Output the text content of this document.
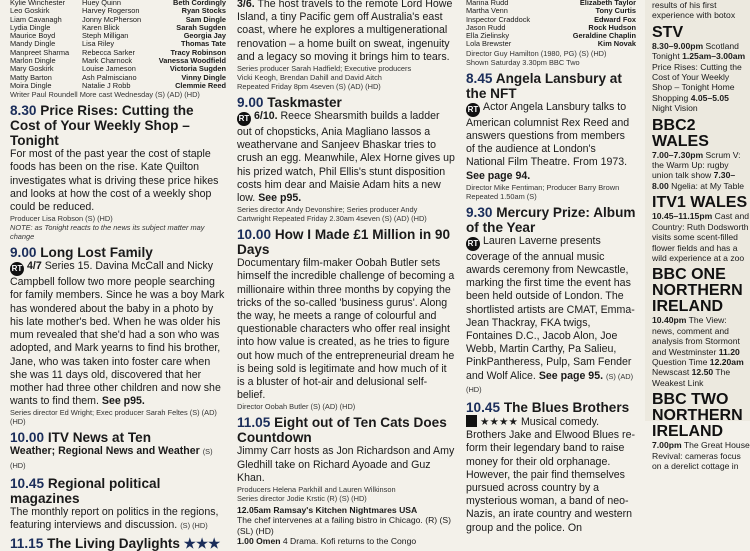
Kylie Winchester	Huey Quinn	Beth Cordingly
Leo Goskirk	Harvey Rogerson	Ryan Stocks
Liam Cavanagh	Jonny McPherson	Sam Dingle
Lydia Dingle	Karen Blick	Sarah Sugden
Maurice Boyd	Steph Milligan	Georgia Jay
Mandy Dingle	Lisa Riley	Thomas Tate
Manpreet Sharma	Rebecca Sarker	Tracy Robinson
Marlon Dingle	Mark Charnock	Vanessa Woodfield
Mary Goskirk	Louise Jameson	Victoria Sugden
Matty Barton	Ash Palmisciano	Vinny Dingle
Moira Dingle	Natalie J Robb	Clemmie Reed
Writer Paul Roundell More cast Wednesday (S) (AD) (HD)
8.30 Price Rises: Cutting the Cost of Your Weekly Shop – Tonight
For most of the past year the cost of staple foods has been on the rise. Kate Quilton investigates what is driving these price hikes and looks at how the cost of a weekly shop could be reduced.
Producer Lisa Robson (S) (HD)
NOTE: as Tonight reacts to the news its subject matter may change
9.00 Long Lost Family
RT 4/7 Series 15. Davina McCall and Nicky Campbell follow two more people searching for family members. Since he was a boy Mark has wondered about the baby in a photo by his late mother's bed. When he was older his mum revealed that she'd had a son who was adopted, and Mark yearns to find his brother, Jane, who was taken into foster care when she was 11 days old, discovered that her mother had three other children and now she wants to find them. See p95.
Series director Ed Wright; Exec producer Sarah Feltes (S) (AD) (HD)
10.00 ITV News at Ten
Weather; Regional News and Weather (S) (HD)
10.45 Regional political magazines
The monthly report on politics in the regions, featuring interviews and discussion. (S) (HD)
11.15 The Living Daylights ★★★
3/6. The host travels to the remote Lord Howe Island, a tiny Pacific gem off Australia's east coast, where he explores a multigenerational renovation – a home built on sweat, ingenuity and a legacy so moving it brings him to tears.
Series producer Sarah Hadfield; Executive producers
Vicki Keogh, Brendan Dahill and David Aitch
Repeated Friday 8pm 4seven (S) (AD) (HD)
9.00 Taskmaster
RT 6/10. Reece Shearsmith builds a ladder out of chopsticks, Ania Magliano lassos a weathervane and Sanjeev Bhaskar tries to crush an egg. Meanwhile, Alex Horne gives up his prized watch, Phil Ellis's stunt disposition costs him dear and Maisie Adam hits a new low. See p95.
Series director Andy Devonshire; Series producer Andy
Cartwright Repeated Friday 2.30am 4seven (S) (AD) (HD)
10.00 How I Made £1 Million in 90 Days
Documentary film-maker Oobah Butler sets himself the incredible challenge of becoming a millionaire within three months by copying the tricks of the so-called 'business gurus'. Along the way, he meets a range of colourful and questionable characters who offer real insight into how value is created, as he tries to figure out how much of the entrepreneurial dream he is being sold is legitimate and how much of it is a bluster of hot-air and delusional self-belief.
Director Oobah Butler (S) (AD) (HD)
11.05 Eight out of Ten Cats Does Countdown
Jimmy Carr hosts as Jon Richardson and Amy Gledhill take on Richard Ayoade and Guz Khan.
Producers Helena Parkhill and Lauren Wilkinson
Series director Jodie Krstic (R) (S) (HD)
12.05am Ramsay's Kitchen Nightmares USA
The chef intervenes at a failing bistro in Chicago. (R) (S) (SL) (HD)
1.00 Omen 4 Drama. Kofi returns to the Congo
Marina Rudd	Elizabeth Taylor
Martha Venn	Tony Curtis
Inspector Craddock	Edward Fox
Jason Rudd	Rock Hudson
Ella Zielinsky	Geraldine Chaplin
Lola Brewster	Kim Novak
Director Guy Hamilton (1980, PG) (S) (HD)
Shown Saturday 3.30pm BBC Two
8.45 Angela Lansbury at the NFT
RT Actor Angela Lansbury talks to American columnist Rex Reed and answers questions from members of the audience at London's National Film Theatre. From 1973. See page 94.
Director Mike Fentiman; Producer Barry Brown
Repeated 1.50am (S)
9.30 Mercury Prize: Album of the Year
RT Lauren Laverne presents coverage of the annual music awards ceremony from Newcastle, marking the first time the event has been held outside of London. The shortlisted artists are CMAT, Emma-Jean Thackray, FKA twigs, Fontaines D.C., Jacob Alon, Joe Webb, Martin Carthy, Pa Salieu, PinkPantheress, Pulp, Sam Fender and Wolf Alice. See page 95. (S) (AD) (HD)
10.45 The Blues Brothers
★★★★ Musical comedy. Brothers Jake and Elwood Blues re-form their legendary band to raise money for their old orphanage. However, the pair find themselves pursued across country by a mysterious woman, a band of neo-Nazis, an irate country and western group and the police. On
results of his first experience with botox
STV
8.30–9.00pm Scotland Tonight 1.25am–3.00am Price Rises: Cutting the Cost of Your Weekly Shop – Tonight Home Shopping 4.05–5.05 Night Vision
BBC2 WALES
7.00–7.30pm Scrum V: the Warm Up: rugby union talk show 7.30–8.00 Ngelia: at My Table
ITV1 WALES
10.45–11.15pm Cast and Country: Ruth Dodsworth visits some scent-filled flower fields and has a wild experience at a zoo
BBC ONE NORTHERN IRELAND
10.40pm The View: news, comment and analysis from Stormont and Westminster 11.20 Question Time 12.20am Newscast 12.50 The Weakest Link
BBC TWO NORTHERN IRELAND
7.00pm The Great House Revival: cameras focus on a derelict cottage in
